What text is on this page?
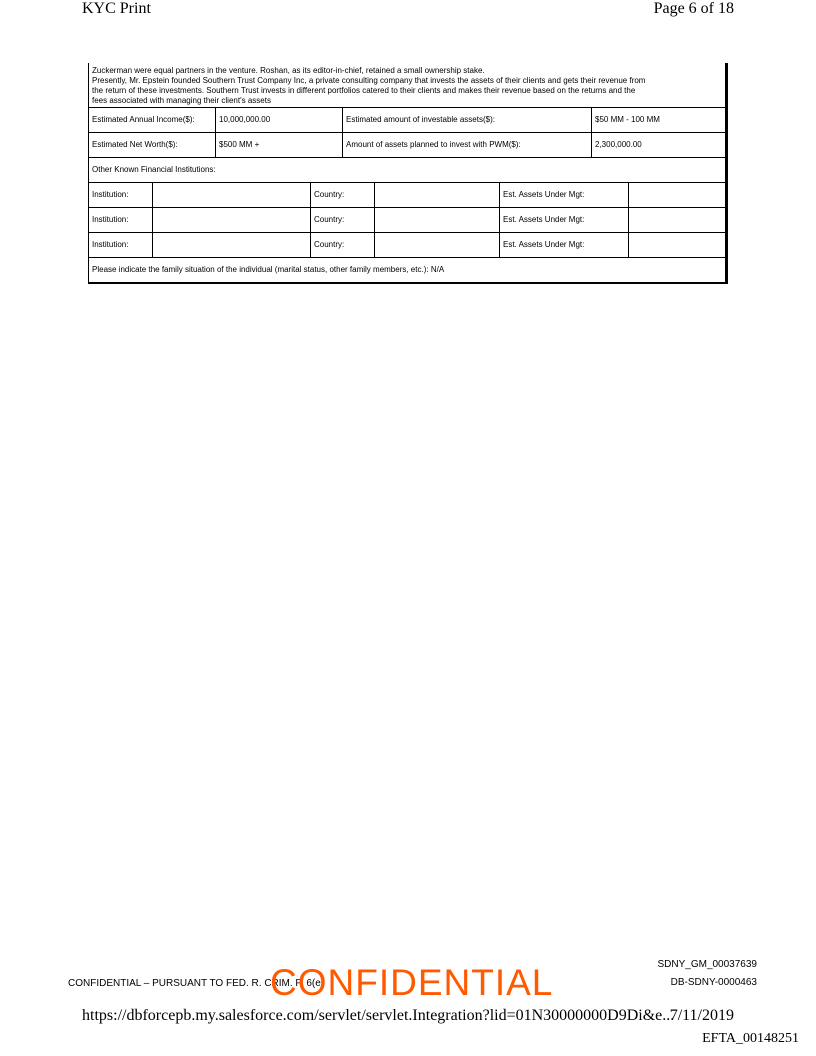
KYC Print	Page 6 of 18

Zuckerman were equal partners in the venture. Roshan, as its editor-in-chief, retained a small ownership stake.

Presently, Mr. Epstein founded Southern Trust Company Inc, a private consulting company that invests the assets of their clients and gets their revenue from

the return of these investments. Southern Trust invests in different portfolios catered to their clients and makes their revenue based on the returns and the

fees associated with managing their client's assets

Estimated Annual Income($):	10,000,000.00	Estimated amount of investable assets($):	$50 MM - 100 MM
Estimated Net Worth($):	$500 MM +	Amount of assets planned to invest with PWM($):	2,300,000.00
Other Known Financial Institutions:
Institution:	Country:	Est. Assets Under Mgt:
Institution:	Country:	Est. Assets Under Mgt:
Institution:	Country:	Est. Assets Under Mgt:
Please indicate the family situation of the individual (marital status, other family members, etc.): N/A
SDNY_GM_00037639
DB-SDNY-0000463
CONFIDENTIAL – PURSUANT TO FED. R. CRIM. P. 6(e)
CONFIDENTIAL
https://dbforcepb.my.salesforce.com/servlet/servlet.Integration?lid=01N30000000D9Di&e...
7/11/2019
EFTA_00148251
